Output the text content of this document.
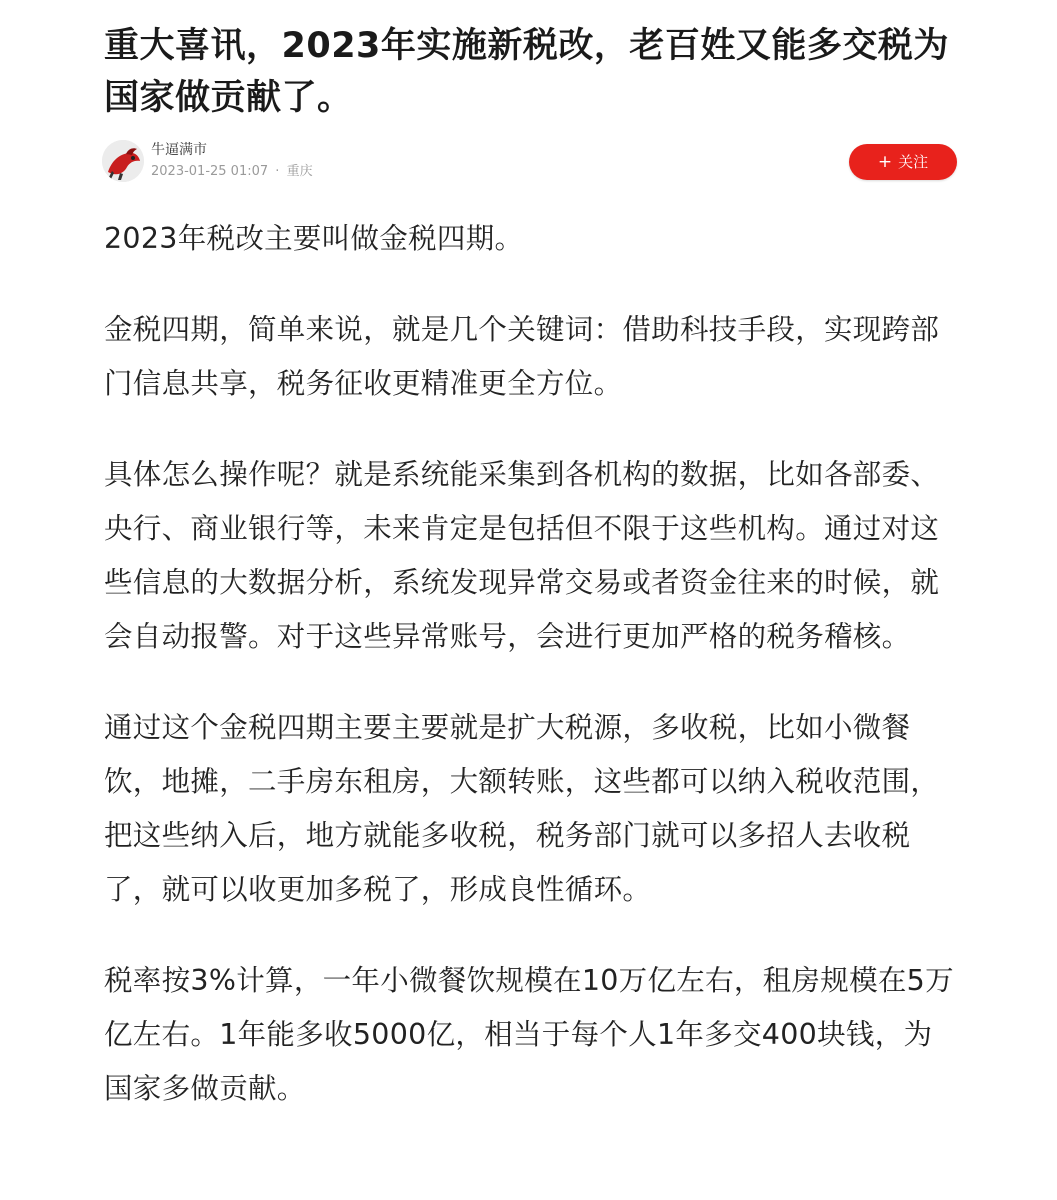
重大喜讯，2023年实施新税改，老百姓又能多交税为国家做贡献了。
牛逼满市
2023-01-25 01:07 · 重庆	+ 关注

2023年税改主要叫做金税四期。

金税四期，简单来说，就是几个关键词：借助科技手段，实现跨部门信息共享，税务征收更精准更全方位。

具体怎么操作呢？就是系统能采集到各机构的数据，比如各部委、央行、商业银行等，未来肯定是包括但不限于这些机构。通过对这些信息的大数据分析，系统发现异常交易或者资金往来的时候，就会自动报警。对于这些异常账号，会进行更加严格的税务稽核。

通过这个金税四期主要主要就是扩大税源，多收税，比如小微餐饮，地摊，二手房东租房，大额转账，这些都可以纳入税收范围，把这些纳入后，地方就能多收税，税务部门就可以多招人去收税了，就可以收更加多税了，形成良性循环。

税率按3%计算，一年小微餐饮规模在10万亿左右，租房规模在5万亿左右。1年能多收5000亿，相当于每个人1年多交400块钱，为国家多做贡献。
